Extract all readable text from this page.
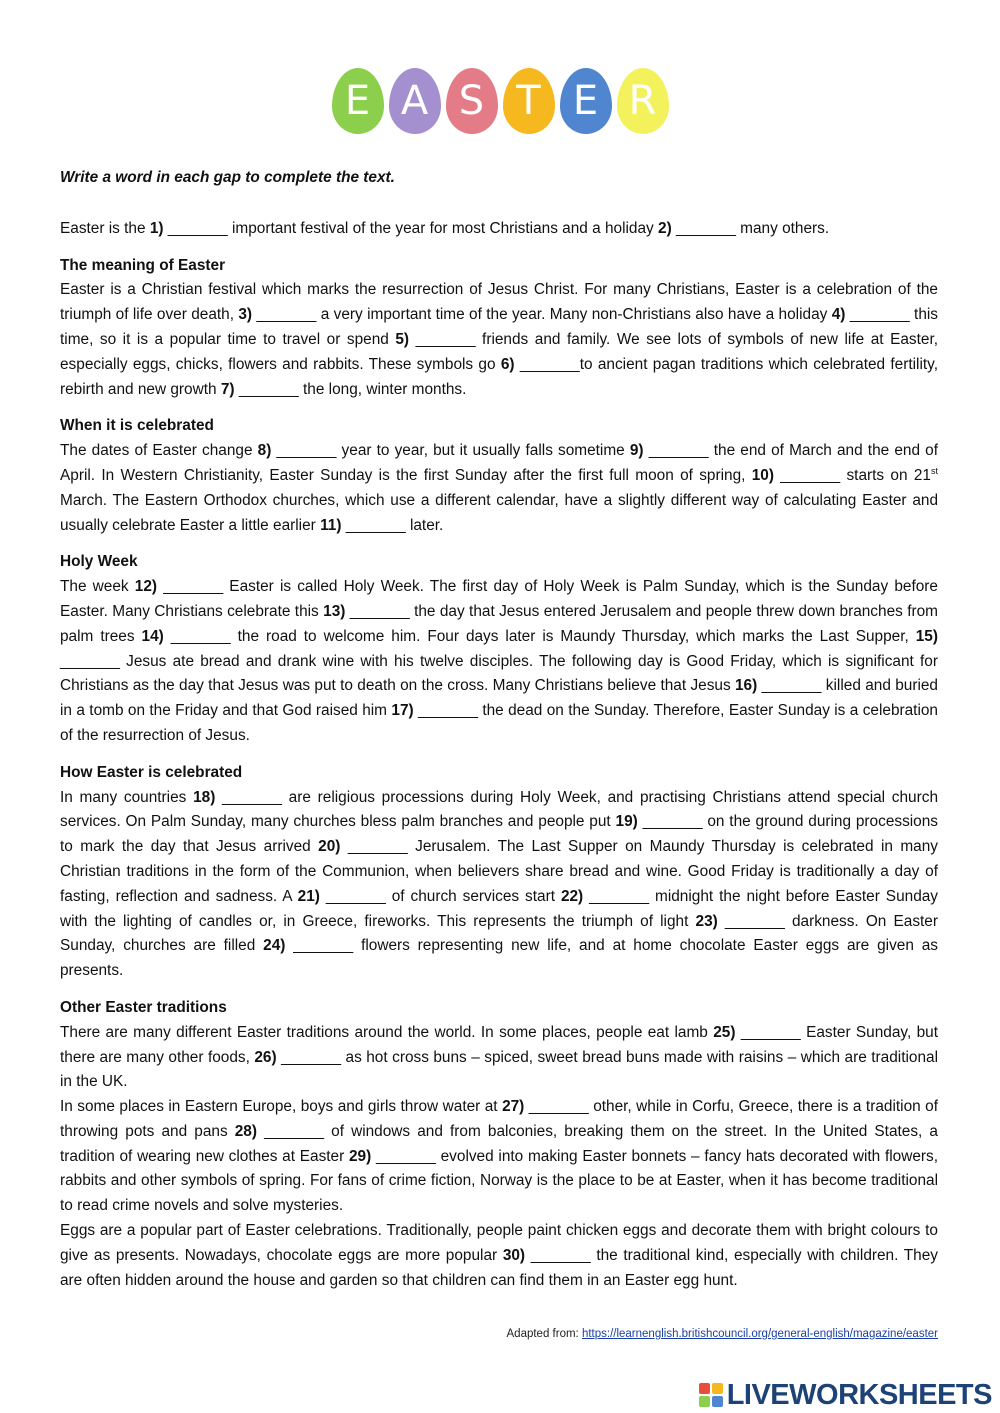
E A S T E R

Write a word in each gap to complete the text.

Easter is the 1) _______ important festival of the year for most Christians and a holiday 2) _______ many others.

The meaning of Easter

Easter is a Christian festival which marks the resurrection of Jesus Christ. For many Christians, Easter is a celebration of the triumph of life over death, 3) _______ a very important time of the year. Many non-Christians also have a holiday 4) _______ this time, so it is a popular time to travel or spend 5) _______ friends and family. We see lots of symbols of new life at Easter, especially eggs, chicks, flowers and rabbits. These symbols go 6) _______to ancient pagan traditions which celebrated fertility, rebirth and new growth 7) _______ the long, winter months.

When it is celebrated

The dates of Easter change 8) _______ year to year, but it usually falls sometime 9) _______ the end of March and the end of April. In Western Christianity, Easter Sunday is the first Sunday after the first full moon of spring, 10) _______ starts on 21st March. The Eastern Orthodox churches, which use a different calendar, have a slightly different way of calculating Easter and usually celebrate Easter a little earlier 11) _______ later.

Holy Week

The week 12) _______ Easter is called Holy Week. The first day of Holy Week is Palm Sunday, which is the Sunday before Easter. Many Christians celebrate this 13) _______ the day that Jesus entered Jerusalem and people threw down branches from palm trees 14) _______ the road to welcome him. Four days later is Maundy Thursday, which marks the Last Supper, 15) _______ Jesus ate bread and drank wine with his twelve disciples. The following day is Good Friday, which is significant for Christians as the day that Jesus was put to death on the cross. Many Christians believe that Jesus 16) _______ killed and buried in a tomb on the Friday and that God raised him 17) _______ the dead on the Sunday. Therefore, Easter Sunday is a celebration of the resurrection of Jesus.

How Easter is celebrated

In many countries 18) _______ are religious processions during Holy Week, and practising Christians attend special church services. On Palm Sunday, many churches bless palm branches and people put 19) _______ on the ground during processions to mark the day that Jesus arrived 20) _______ Jerusalem. The Last Supper on Maundy Thursday is celebrated in many Christian traditions in the form of the Communion, when believers share bread and wine. Good Friday is traditionally a day of fasting, reflection and sadness. A 21) _______ of church services start 22) _______ midnight the night before Easter Sunday with the lighting of candles or, in Greece, fireworks. This represents the triumph of light 23) _______ darkness. On Easter Sunday, churches are filled 24) _______ flowers representing new life, and at home chocolate Easter eggs are given as presents.

Other Easter traditions

There are many different Easter traditions around the world. In some places, people eat lamb 25) _______ Easter Sunday, but there are many other foods, 26) _______ as hot cross buns – spiced, sweet bread buns made with raisins – which are traditional in the UK.

In some places in Eastern Europe, boys and girls throw water at 27) _______ other, while in Corfu, Greece, there is a tradition of throwing pots and pans 28) _______ of windows and from balconies, breaking them on the street. In the United States, a tradition of wearing new clothes at Easter 29) _______ evolved into making Easter bonnets – fancy hats decorated with flowers, rabbits and other symbols of spring. For fans of crime fiction, Norway is the place to be at Easter, when it has become traditional to read crime novels and solve mysteries.

Eggs are a popular part of Easter celebrations. Traditionally, people paint chicken eggs and decorate them with bright colours to give as presents. Nowadays, chocolate eggs are more popular 30) _______ the traditional kind, especially with children. They are often hidden around the house and garden so that children can find them in an Easter egg hunt.

Adapted from: https://learnenglish.britishcouncil.org/general-english/magazine/easter
LIVEWORKSHEETS
